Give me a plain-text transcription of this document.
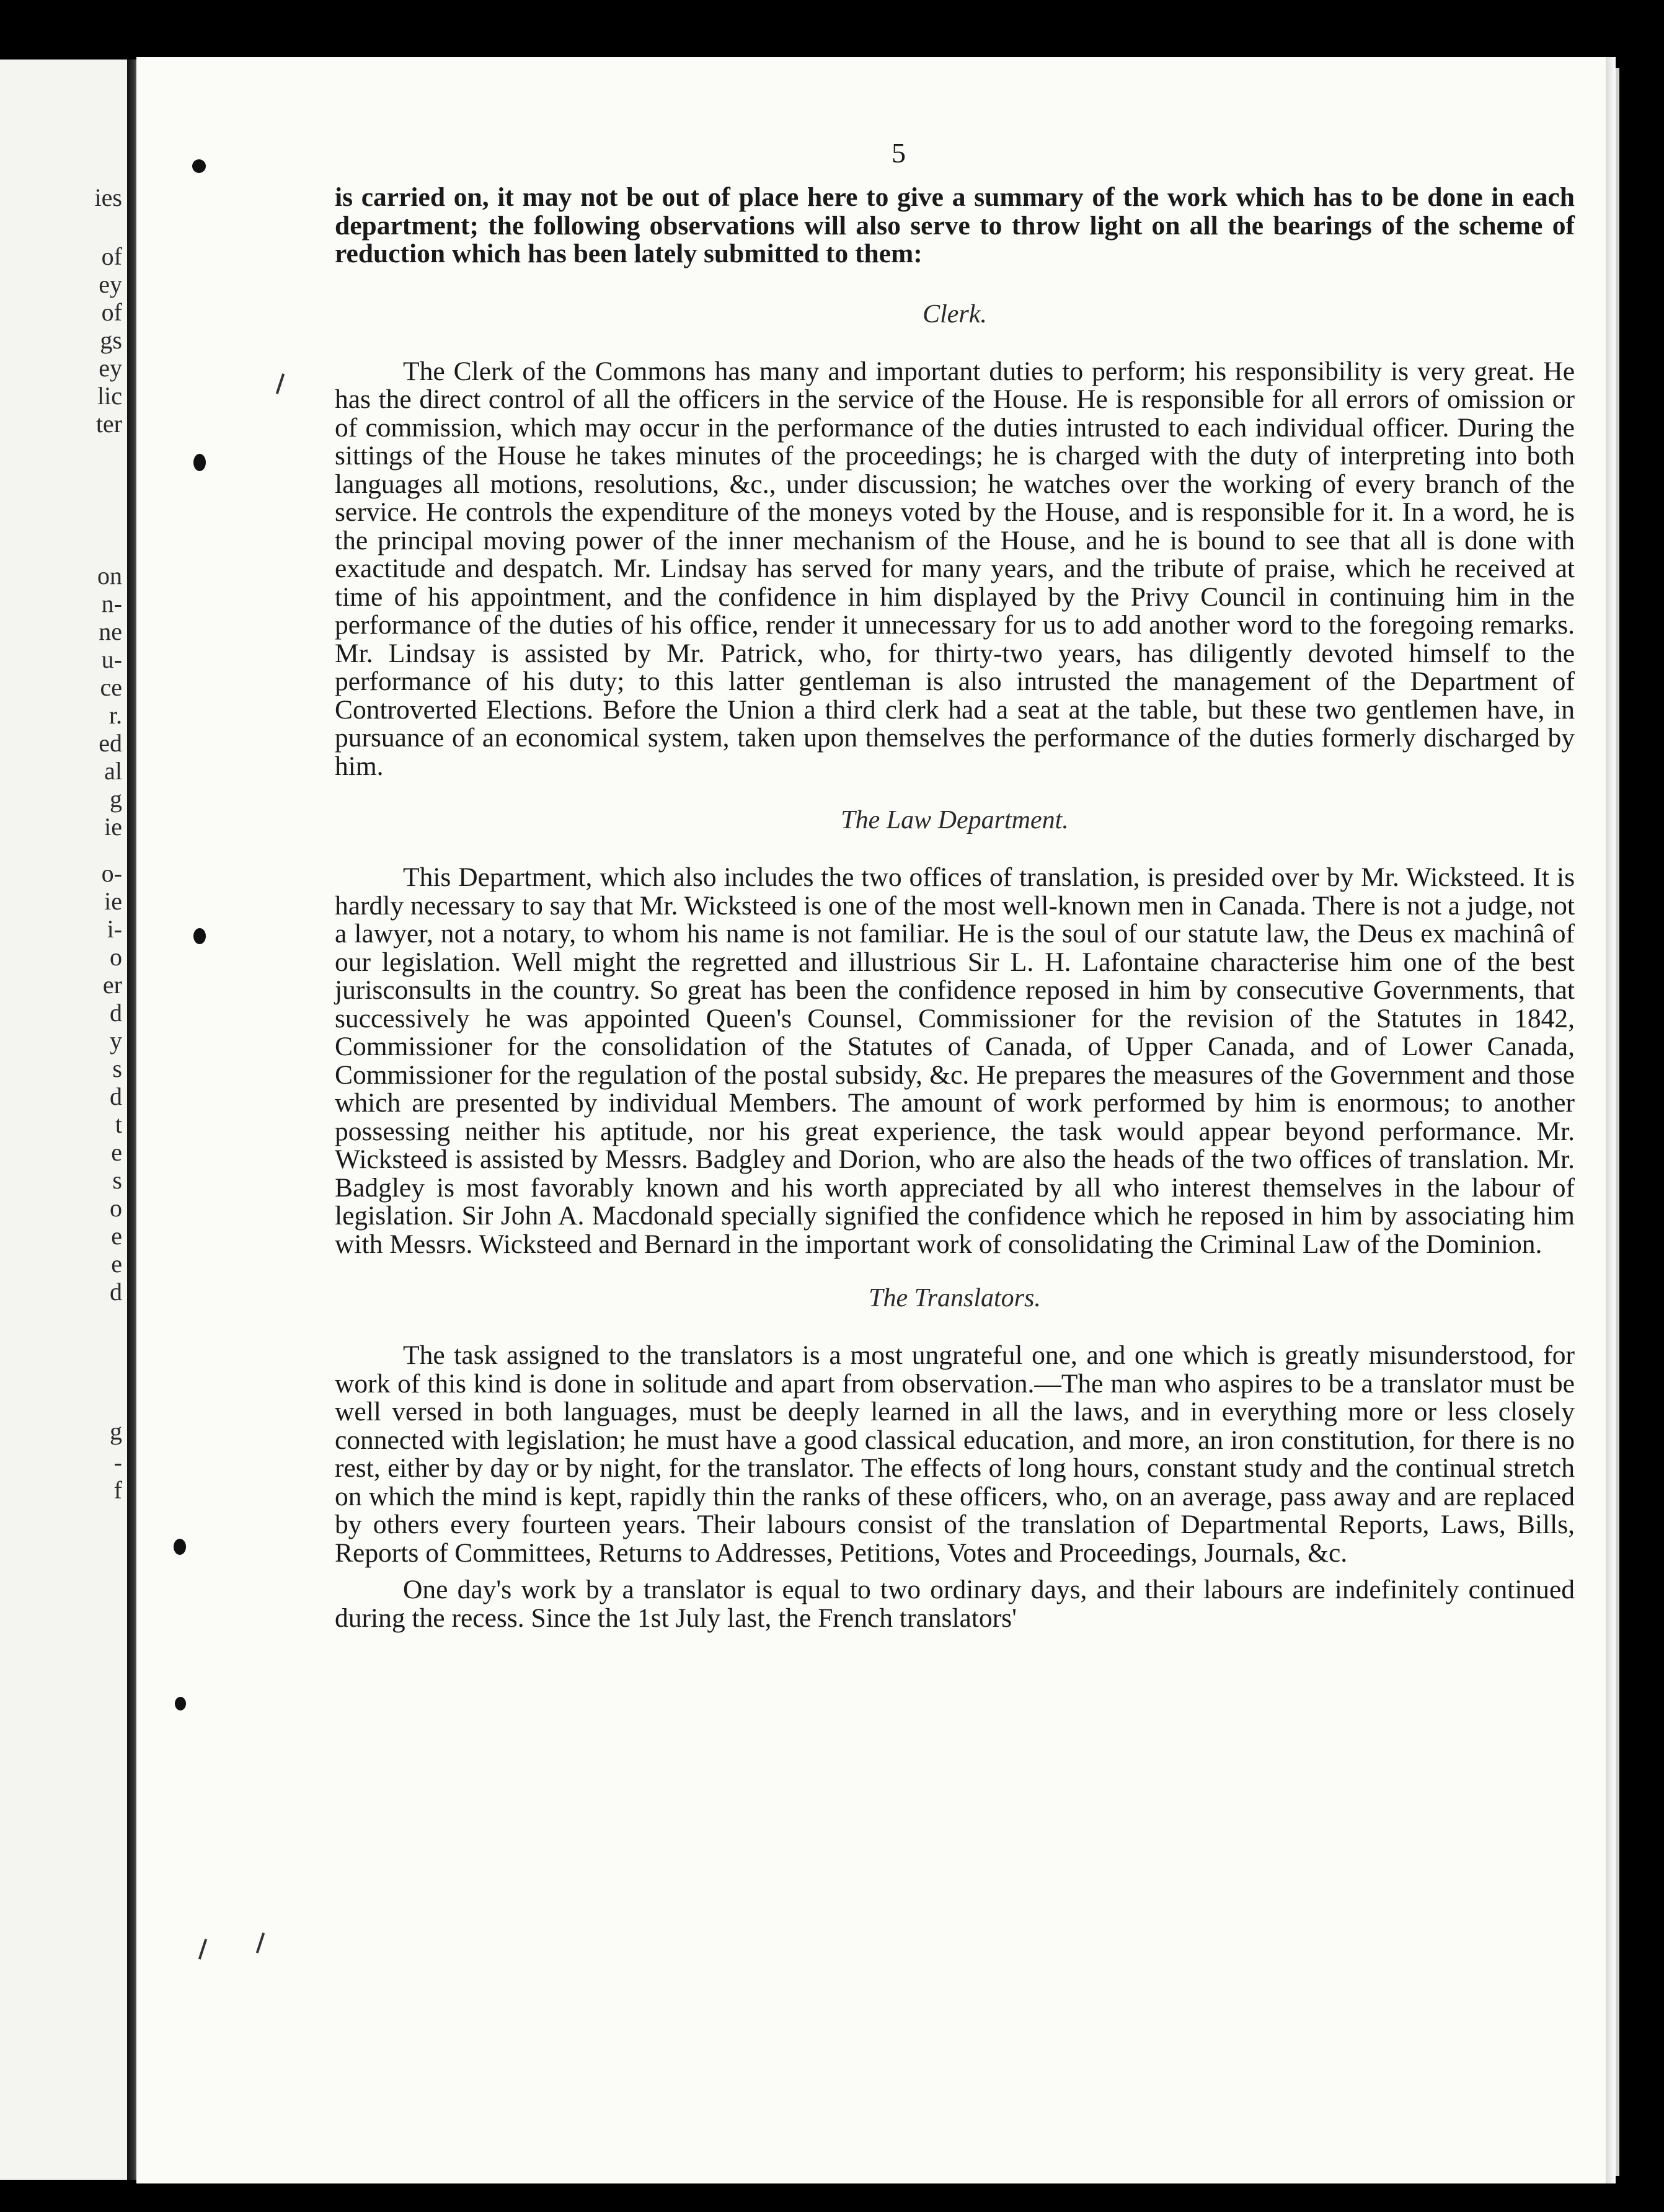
ies
of
ey
of
gs
ey
lic
ter
on
n-
ne
u-
ce
r.
ed
al
g
ie
o-
ie
i-
o
er
d
y
s
d
t
e
s
o
e
e
d
g
-
f
5

is carried on, it may not be out of place here to give a summary of the work which has to be done in each department; the following observations will also serve to throw light on all the bearings of the scheme of reduction which has been lately submitted to them:

Clerk.

The Clerk of the Commons has many and important duties to perform; his responsibility is very great. He has the direct control of all the officers in the service of the House. He is responsible for all errors of omission or of commission, which may occur in the performance of the duties intrusted to each individual officer. During the sittings of the House he takes minutes of the proceedings; he is charged with the duty of interpreting into both languages all motions, resolutions, &c., under discussion; he watches over the working of every branch of the service. He controls the expenditure of the moneys voted by the House, and is responsible for it. In a word, he is the principal moving power of the inner mechanism of the House, and he is bound to see that all is done with exactitude and despatch. Mr. Lindsay has served for many years, and the tribute of praise, which he received at time of his appointment, and the confidence in him displayed by the Privy Council in continuing him in the performance of the duties of his office, render it unnecessary for us to add another word to the foregoing remarks. Mr. Lindsay is assisted by Mr. Patrick, who, for thirty-two years, has diligently devoted himself to the performance of his duty; to this latter gentleman is also intrusted the management of the Department of Controverted Elections. Before the Union a third clerk had a seat at the table, but these two gentlemen have, in pursuance of an economical system, taken upon themselves the performance of the duties formerly discharged by him.

The Law Department.

This Department, which also includes the two offices of translation, is presided over by Mr. Wicksteed. It is hardly necessary to say that Mr. Wicksteed is one of the most well-known men in Canada. There is not a judge, not a lawyer, not a notary, to whom his name is not familiar. He is the soul of our statute law, the Deus ex machinâ of our legislation. Well might the regretted and illustrious Sir L. H. Lafontaine characterise him one of the best jurisconsults in the country. So great has been the confidence reposed in him by consecutive Governments, that successively he was appointed Queen's Counsel, Commissioner for the revision of the Statutes in 1842, Commissioner for the consolidation of the Statutes of Canada, of Upper Canada, and of Lower Canada, Commissioner for the regulation of the postal subsidy, &c. He prepares the measures of the Government and those which are presented by individual Members. The amount of work performed by him is enormous; to another possessing neither his aptitude, nor his great experience, the task would appear beyond performance. Mr. Wicksteed is assisted by Messrs. Badgley and Dorion, who are also the heads of the two offices of translation. Mr. Badgley is most favorably known and his worth appreciated by all who interest themselves in the labour of legislation. Sir John A. Macdonald specially signified the confidence which he reposed in him by associating him with Messrs. Wicksteed and Bernard in the important work of consolidating the Criminal Law of the Dominion.

The Translators.

The task assigned to the translators is a most ungrateful one, and one which is greatly misunderstood, for work of this kind is done in solitude and apart from observation.—The man who aspires to be a translator must be well versed in both languages, must be deeply learned in all the laws, and in everything more or less closely connected with legislation; he must have a good classical education, and more, an iron constitution, for there is no rest, either by day or by night, for the translator. The effects of long hours, constant study and the continual stretch on which the mind is kept, rapidly thin the ranks of these officers, who, on an average, pass away and are replaced by others every fourteen years. Their labours consist of the translation of Departmental Reports, Laws, Bills, Reports of Committees, Returns to Addresses, Petitions, Votes and Proceedings, Journals, &c.

One day's work by a translator is equal to two ordinary days, and their labours are indefinitely continued during the recess. Since the 1st July last, the French translators'
